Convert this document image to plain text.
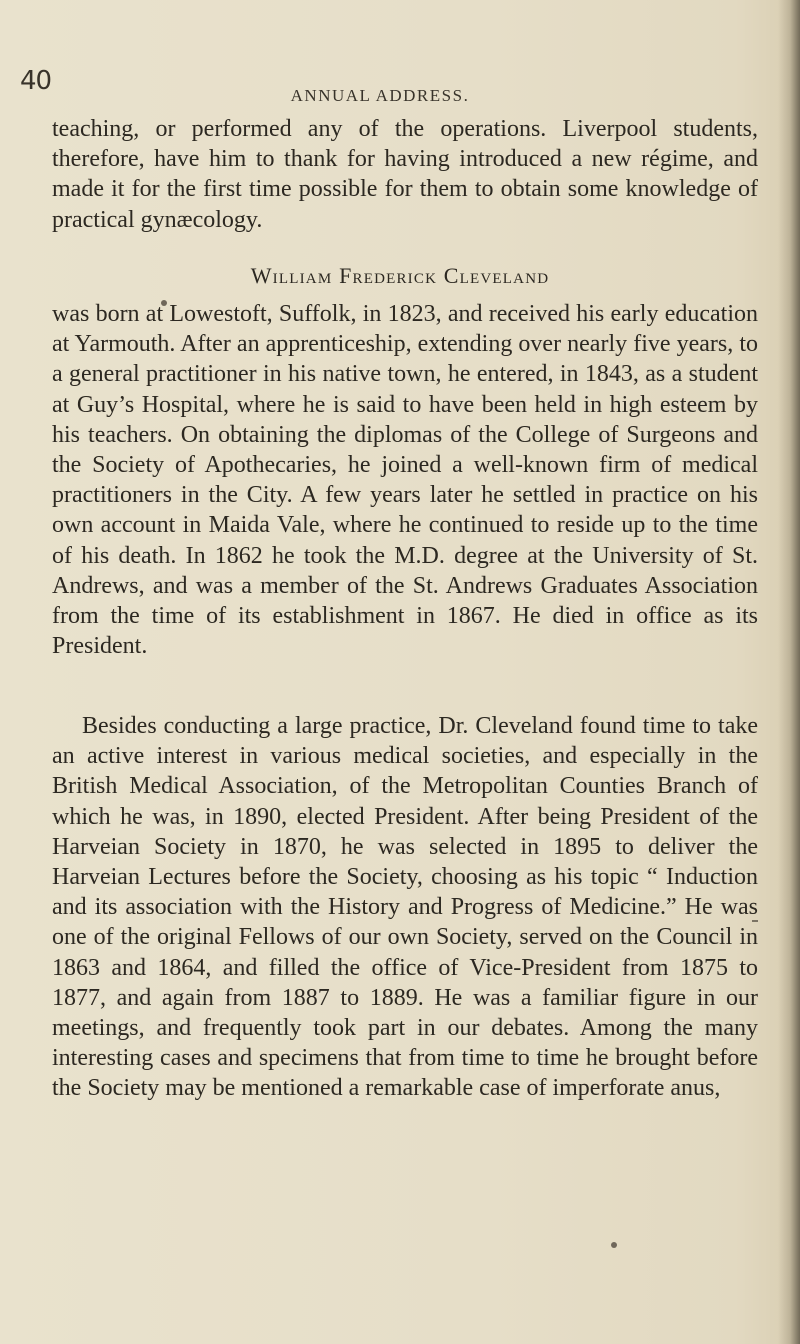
40	ANNUAL ADDRESS.
teaching, or performed any of the operations. Liverpool students, therefore, have him to thank for having introduced a new régime, and made it for the first time possible for them to obtain some knowledge of practical gynæcology.
William Frederick Cleveland
was born at Lowestoft, Suffolk, in 1823, and received his early education at Yarmouth. After an apprenticeship, extending over nearly five years, to a general practitioner in his native town, he entered, in 1843, as a student at Guy’s Hospital, where he is said to have been held in high esteem by his teachers. On obtaining the diplomas of the College of Surgeons and the Society of Apothecaries, he joined a well-known firm of medical practitioners in the City. A few years later he settled in practice on his own account in Maida Vale, where he continued to reside up to the time of his death. In 1862 he took the M.D. degree at the University of St. Andrews, and was a member of the St. Andrews Graduates Association from the time of its establishment in 1867. He died in office as its President.
Besides conducting a large practice, Dr. Cleveland found time to take an active interest in various medical societies, and especially in the British Medical Association, of the Metropolitan Counties Branch of which he was, in 1890, elected President. After being President of the Harveian Society in 1870, he was selected in 1895 to deliver the Harveian Lectures before the Society, choosing as his topic “ Induction and its association with the History and Progress of Medicine.” He was one of the original Fellows of our own Society, served on the Council in 1863 and 1864, and filled the office of Vice-President from 1875 to 1877, and again from 1887 to 1889. He was a familiar figure in our meetings, and frequently took part in our debates. Among the many interesting cases and specimens that from time to time he brought before the Society may be mentioned a remarkable case of imperforate anus,
